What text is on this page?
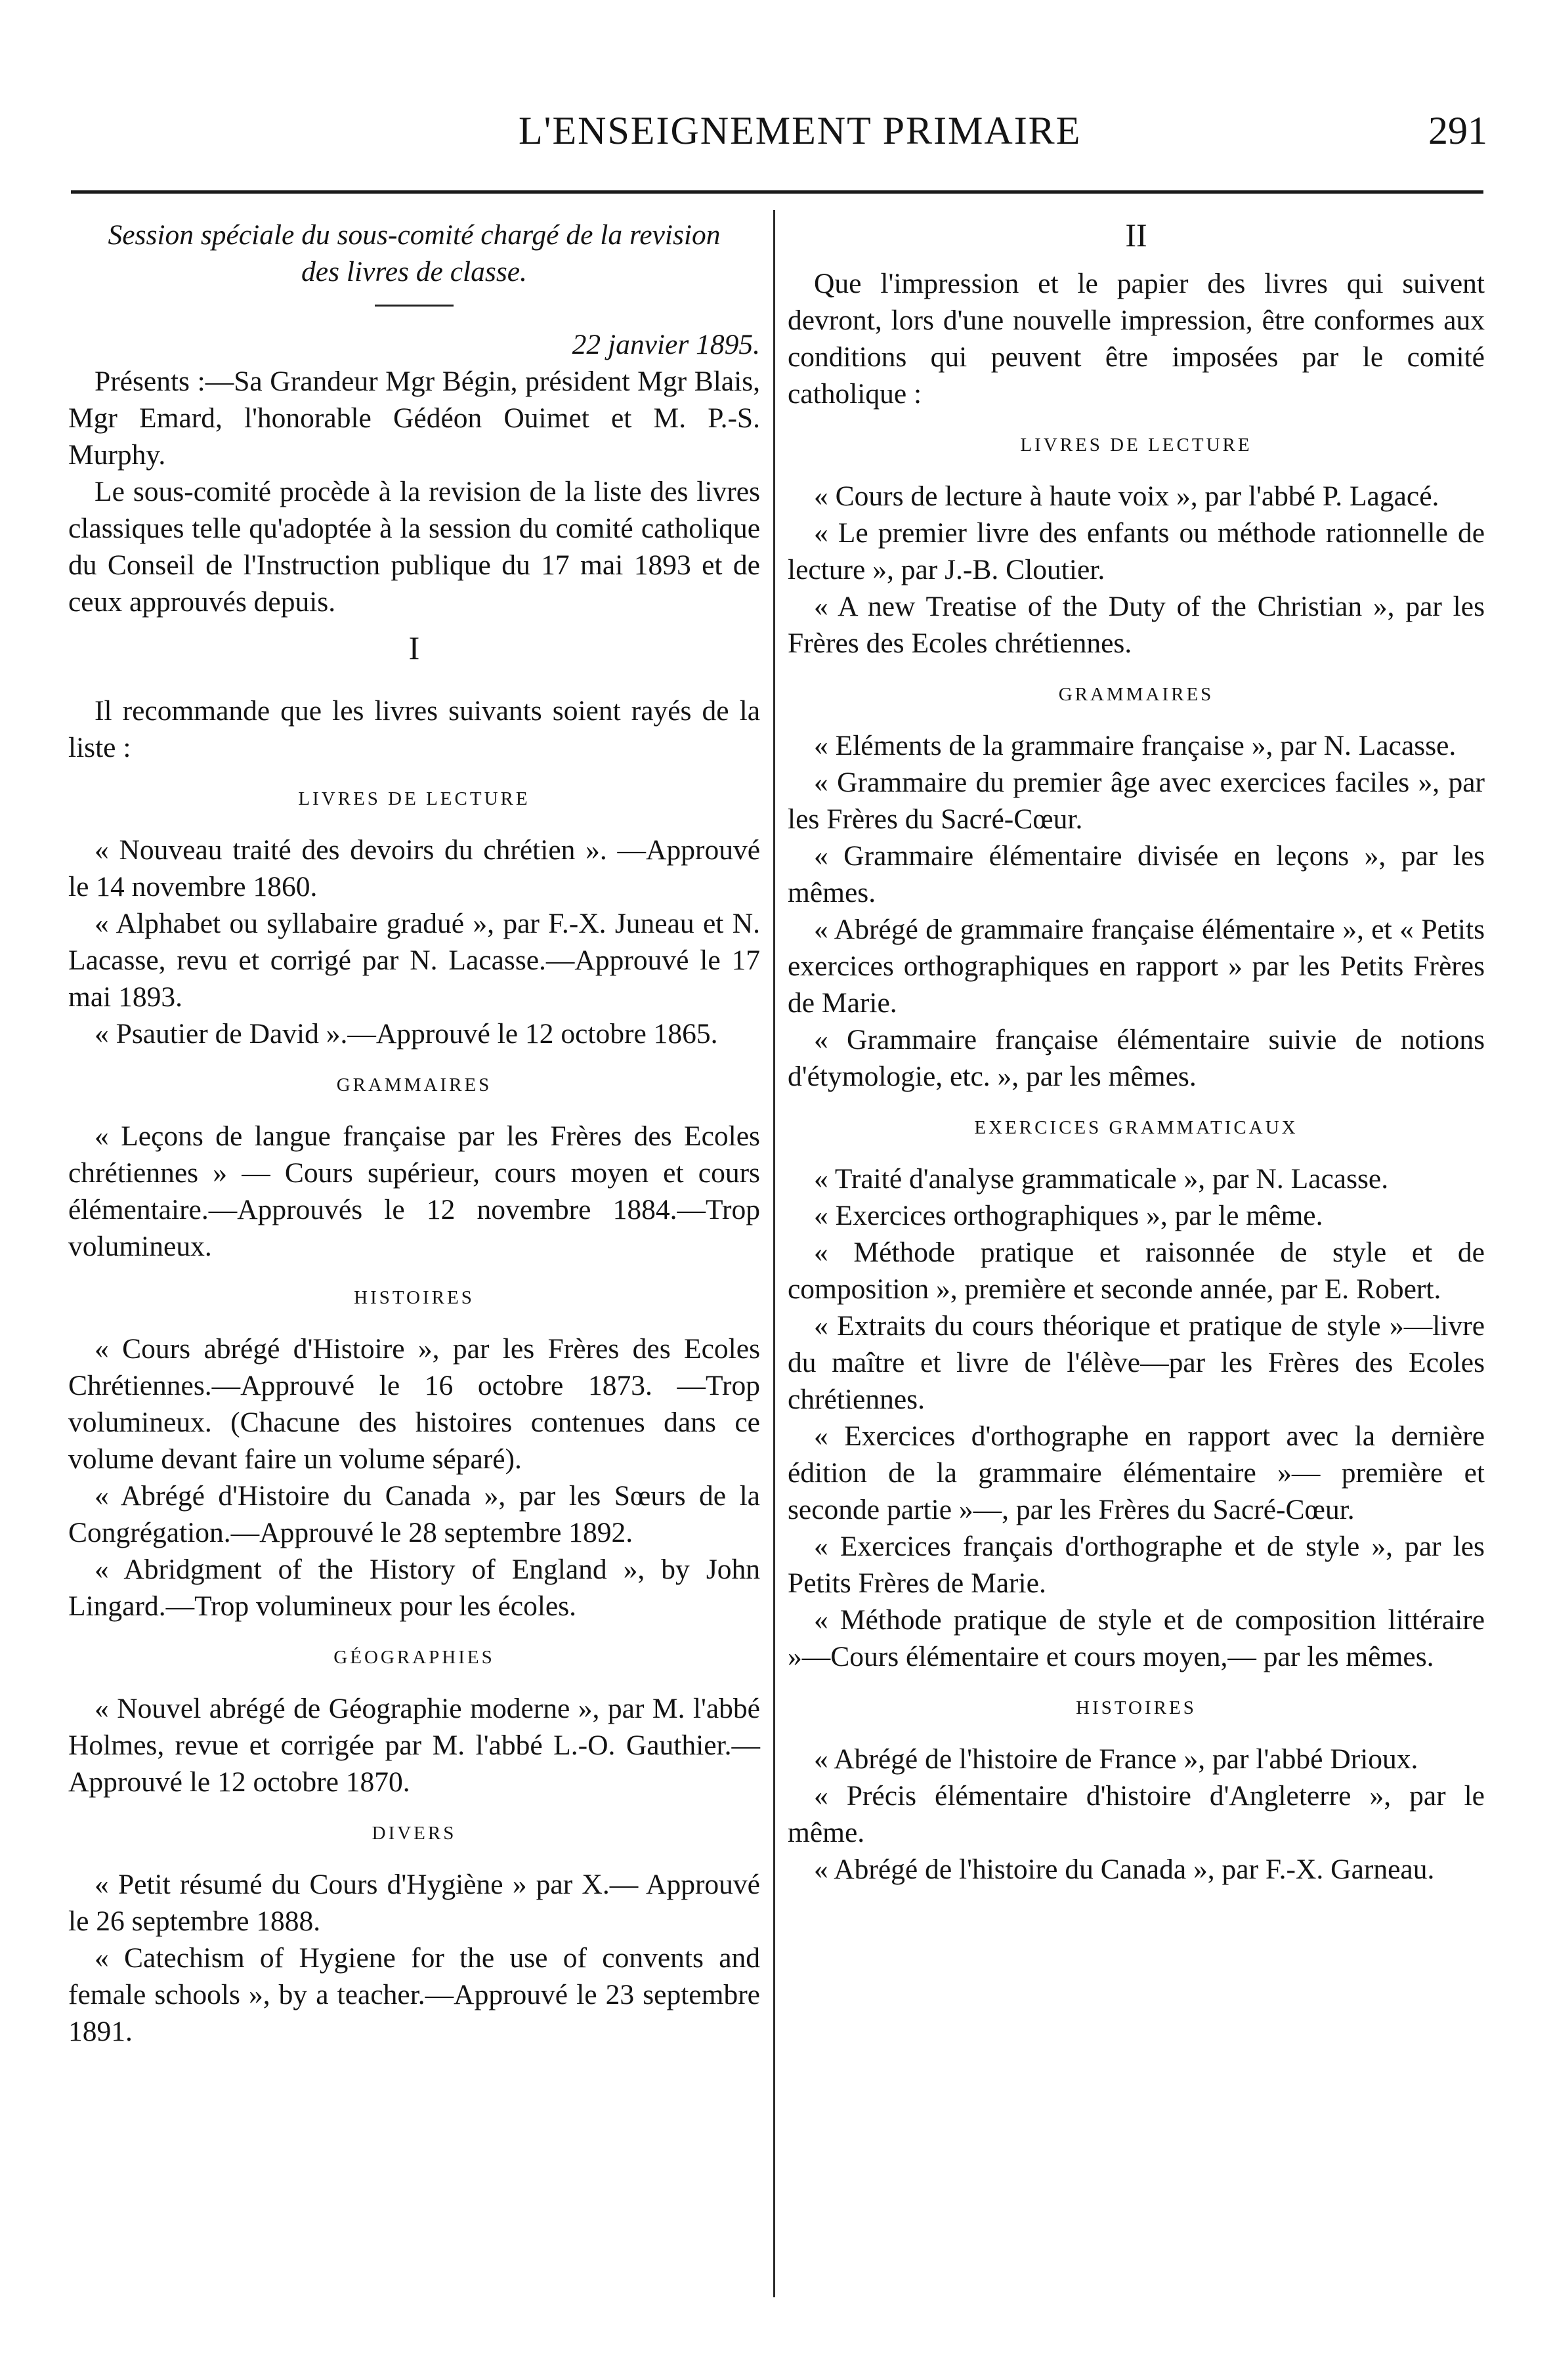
L'ENSEIGNEMENT PRIMAIRE	291

Session spéciale du sous-comité chargé de la revision des livres de classe.

22 janvier 1895.

Présents :—Sa Grandeur Mgr Bégin, président Mgr Blais, Mgr Emard, l'honorable Gédéon Ouimet et M. P.-S. Murphy.

Le sous-comité procède à la revision de la liste des livres classiques telle qu'adoptée à la session du comité catholique du Conseil de l'Instruction publique du 17 mai 1893 et de ceux approuvés depuis.

I

Il recommande que les livres suivants soient rayés de la liste :

LIVRES DE LECTURE

« Nouveau traité des devoirs du chrétien ». —Approuvé le 14 novembre 1860.

« Alphabet ou syllabaire gradué », par F.-X. Juneau et N. Lacasse, revu et corrigé par N. Lacasse.—Approuvé le 17 mai 1893.

« Psautier de David ».—Approuvé le 12 octobre 1865.

GRAMMAIRES

« Leçons de langue française par les Frères des Ecoles chrétiennes » — Cours supérieur, cours moyen et cours élémentaire.—Approuvés le 12 novembre 1884.—Trop volumineux.

HISTOIRES

« Cours abrégé d'Histoire », par les Frères des Ecoles Chrétiennes.—Approuvé le 16 octobre 1873. —Trop volumineux. (Chacune des histoires contenues dans ce volume devant faire un volume séparé).

« Abrégé d'Histoire du Canada », par les Sœurs de la Congrégation.—Approuvé le 28 septembre 1892.

« Abridgment of the History of England », by John Lingard.—Trop volumineux pour les écoles.

GÉOGRAPHIES

« Nouvel abrégé de Géographie moderne », par M. l'abbé Holmes, revue et corrigée par M. l'abbé L.-O. Gauthier.—Approuvé le 12 octobre 1870.

DIVERS

« Petit résumé du Cours d'Hygiène » par X.— Approuvé le 26 septembre 1888.

« Catechism of Hygiene for the use of convents and female schools », by a teacher.—Approuvé le 23 septembre 1891.

II

Que l'impression et le papier des livres qui suivent devront, lors d'une nouvelle impression, être conformes aux conditions qui peuvent être imposées par le comité catholique :

LIVRES DE LECTURE

« Cours de lecture à haute voix », par l'abbé P. Lagacé.

« Le premier livre des enfants ou méthode rationnelle de lecture », par J.-B. Cloutier.

« A new Treatise of the Duty of the Christian », par les Frères des Ecoles chrétiennes.

GRAMMAIRES

« Eléments de la grammaire française », par N. Lacasse.

« Grammaire du premier âge avec exercices faciles », par les Frères du Sacré-Cœur.

« Grammaire élémentaire divisée en leçons », par les mêmes.

« Abrégé de grammaire française élémentaire », et « Petits exercices orthographiques en rapport » par les Petits Frères de Marie.

« Grammaire française élémentaire suivie de notions d'étymologie, etc. », par les mêmes.

EXERCICES GRAMMATICAUX

« Traité d'analyse grammaticale », par N. Lacasse.

« Exercices orthographiques », par le même.

« Méthode pratique et raisonnée de style et de composition », première et seconde année, par E. Robert.

« Extraits du cours théorique et pratique de style »—livre du maître et livre de l'élève—par les Frères des Ecoles chrétiennes.

« Exercices d'orthographe en rapport avec la dernière édition de la grammaire élémentaire »— première et seconde partie »—, par les Frères du Sacré-Cœur.

« Exercices français d'orthographe et de style », par les Petits Frères de Marie.

« Méthode pratique de style et de composition littéraire »—Cours élémentaire et cours moyen,— par les mêmes.

HISTOIRES

« Abrégé de l'histoire de France », par l'abbé Drioux.

« Précis élémentaire d'histoire d'Angleterre », par le même.

« Abrégé de l'histoire du Canada », par F.-X. Garneau.
